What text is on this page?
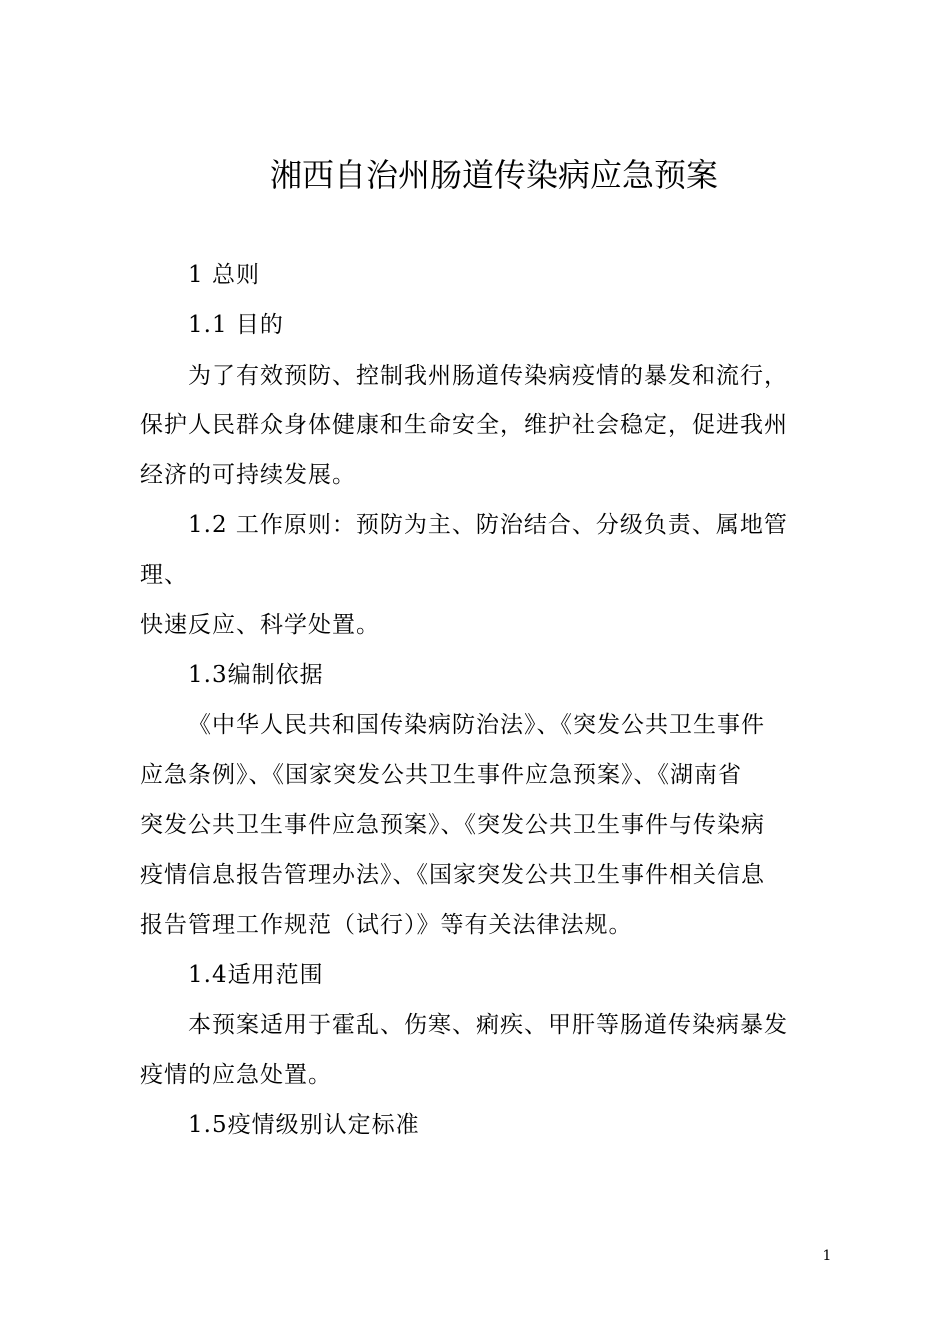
湘西自治州肠道传染病应急预案
1 总则
1.1 目的
为了有效预防、控制我州肠道传染病疫情的暴发和流行，
保护人民群众身体健康和生命安全，维护社会稳定，促进我州
经济的可持续发展。
1.2 工作原则：预防为主、防治结合、分级负责、属地管
理、
快速反应、科学处置。
1.3编制依据
《中华人民共和国传染病防治法》、《突发公共卫生事件
应急条例》、《国家突发公共卫生事件应急预案》、《湖南省
突发公共卫生事件应急预案》、《突发公共卫生事件与传染病
疫情信息报告管理办法》、《国家突发公共卫生事件相关信息
报告管理工作规范（试行）》等有关法律法规。
1.4适用范围
本预案适用于霍乱、伤寒、痢疾、甲肝等肠道传染病暴发
疫情的应急处置。
1.5疫情级别认定标准
1
